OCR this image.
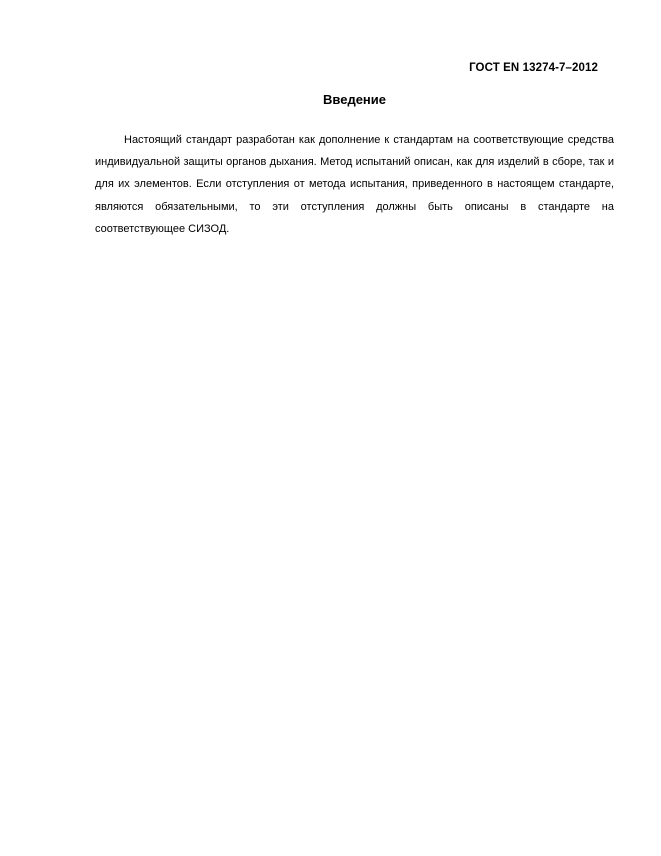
ГОСТ EN 13274-7–2012
Введение

Настоящий стандарт разработан как дополнение к стандартам на соответствующие средства индивидуальной защиты органов дыхания. Метод испытаний описан, как для изделий в сборе, так и для их элементов. Если отступления от метода испытания, приведенного в настоящем стандарте, являются обязательными, то эти отступления должны быть описаны в стандарте на соответствующее СИЗОД.
